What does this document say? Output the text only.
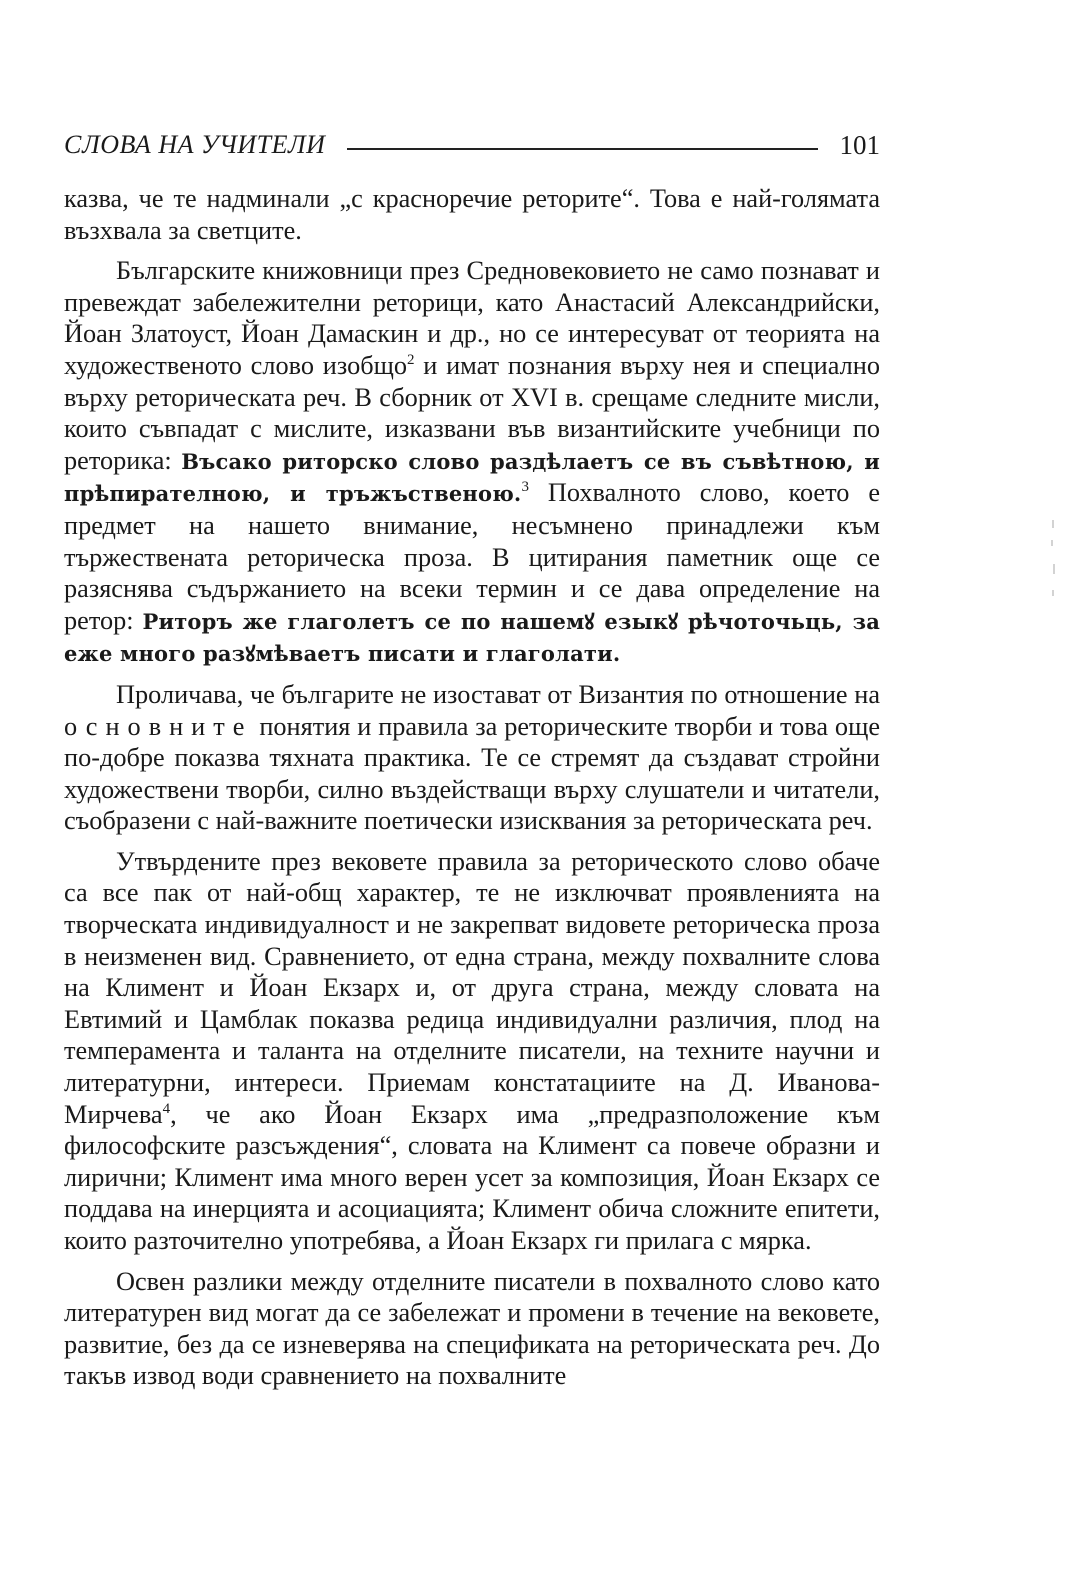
СЛОВА НА УЧИТЕЛИ	101

казва, че те надминали „с красноречие реторите“. Това е най-голямата възхвала за светците.

Българските книжовници през Средновековието не само познават и превеждат забележителни реторици, като Анастасий Александрийски, Йоан Златоуст, Йоан Дамаскин и др., но се интересуват от теорията на художественото слово изобщо$^2$ и имат познания върху нея и специално върху реторическата реч. В сборник от XVI в. срещаме следните мисли, които съвпадат с мислите, изказвани във византийските учебници по реторика: Въсако риторско слово раздѣлаетъ се въ съвѣтною, и прѣпирателною, и тръжъственою.$^3$ Похвалното слово, което е предмет на нашето внимание, несъмнено принадлежи към тържествената реторическа проза. В цитирания паметник още се разяснява съдържанието на всеки термин и се дава определение на ретор: Риторъ же глаголетъ се по нашемꙋ езыкꙋ рѣчоточьць, за еже много разꙋмѣваетъ писати и глаголати.

Проличава, че българите не изостават от Византия по отношение на основните понятия и правила за реторическите творби и това още по-добре показва тяхната практика. Те се стремят да създават стройни художествени творби, силно въздействащи върху слушатели и читатели, съобразени с най-важните поетически изисквания за реторическата реч.

Утвърдените през вековете правила за реторическото слово обаче са все пак от най-общ характер, те не изключват проявленията на творческата индивидуалност и не закрепват видовете реторическа проза в неизменен вид. Сравнението, от една страна, между похвалните слова на Климент и Йоан Екзарх и, от друга страна, между словата на Евтимий и Цамблак показва редица индивидуални различия, плод на темперамента и таланта на отделните писатели, на техните научни и литературни, интереси. Приемам констатациите на Д. Иванова-Мирчева$^4$, че ако Йоан Екзарх има „предразположение към философските разсъждения“, словата на Климент са повече образни и лирични; Климент има много верен усет за композиция, Йоан Екзарх се поддава на инерцията и асоциацията; Климент обича сложните епитети, които разточително употребява, а Йоан Екзарх ги прилага с мярка.

Освен разлики между отделните писатели в похвалното слово като литературен вид могат да се забележат и промени в течение на вековете, развитие, без да се изневерява на спецификата на реторическата реч. До такъв извод води сравнението на похвалните
